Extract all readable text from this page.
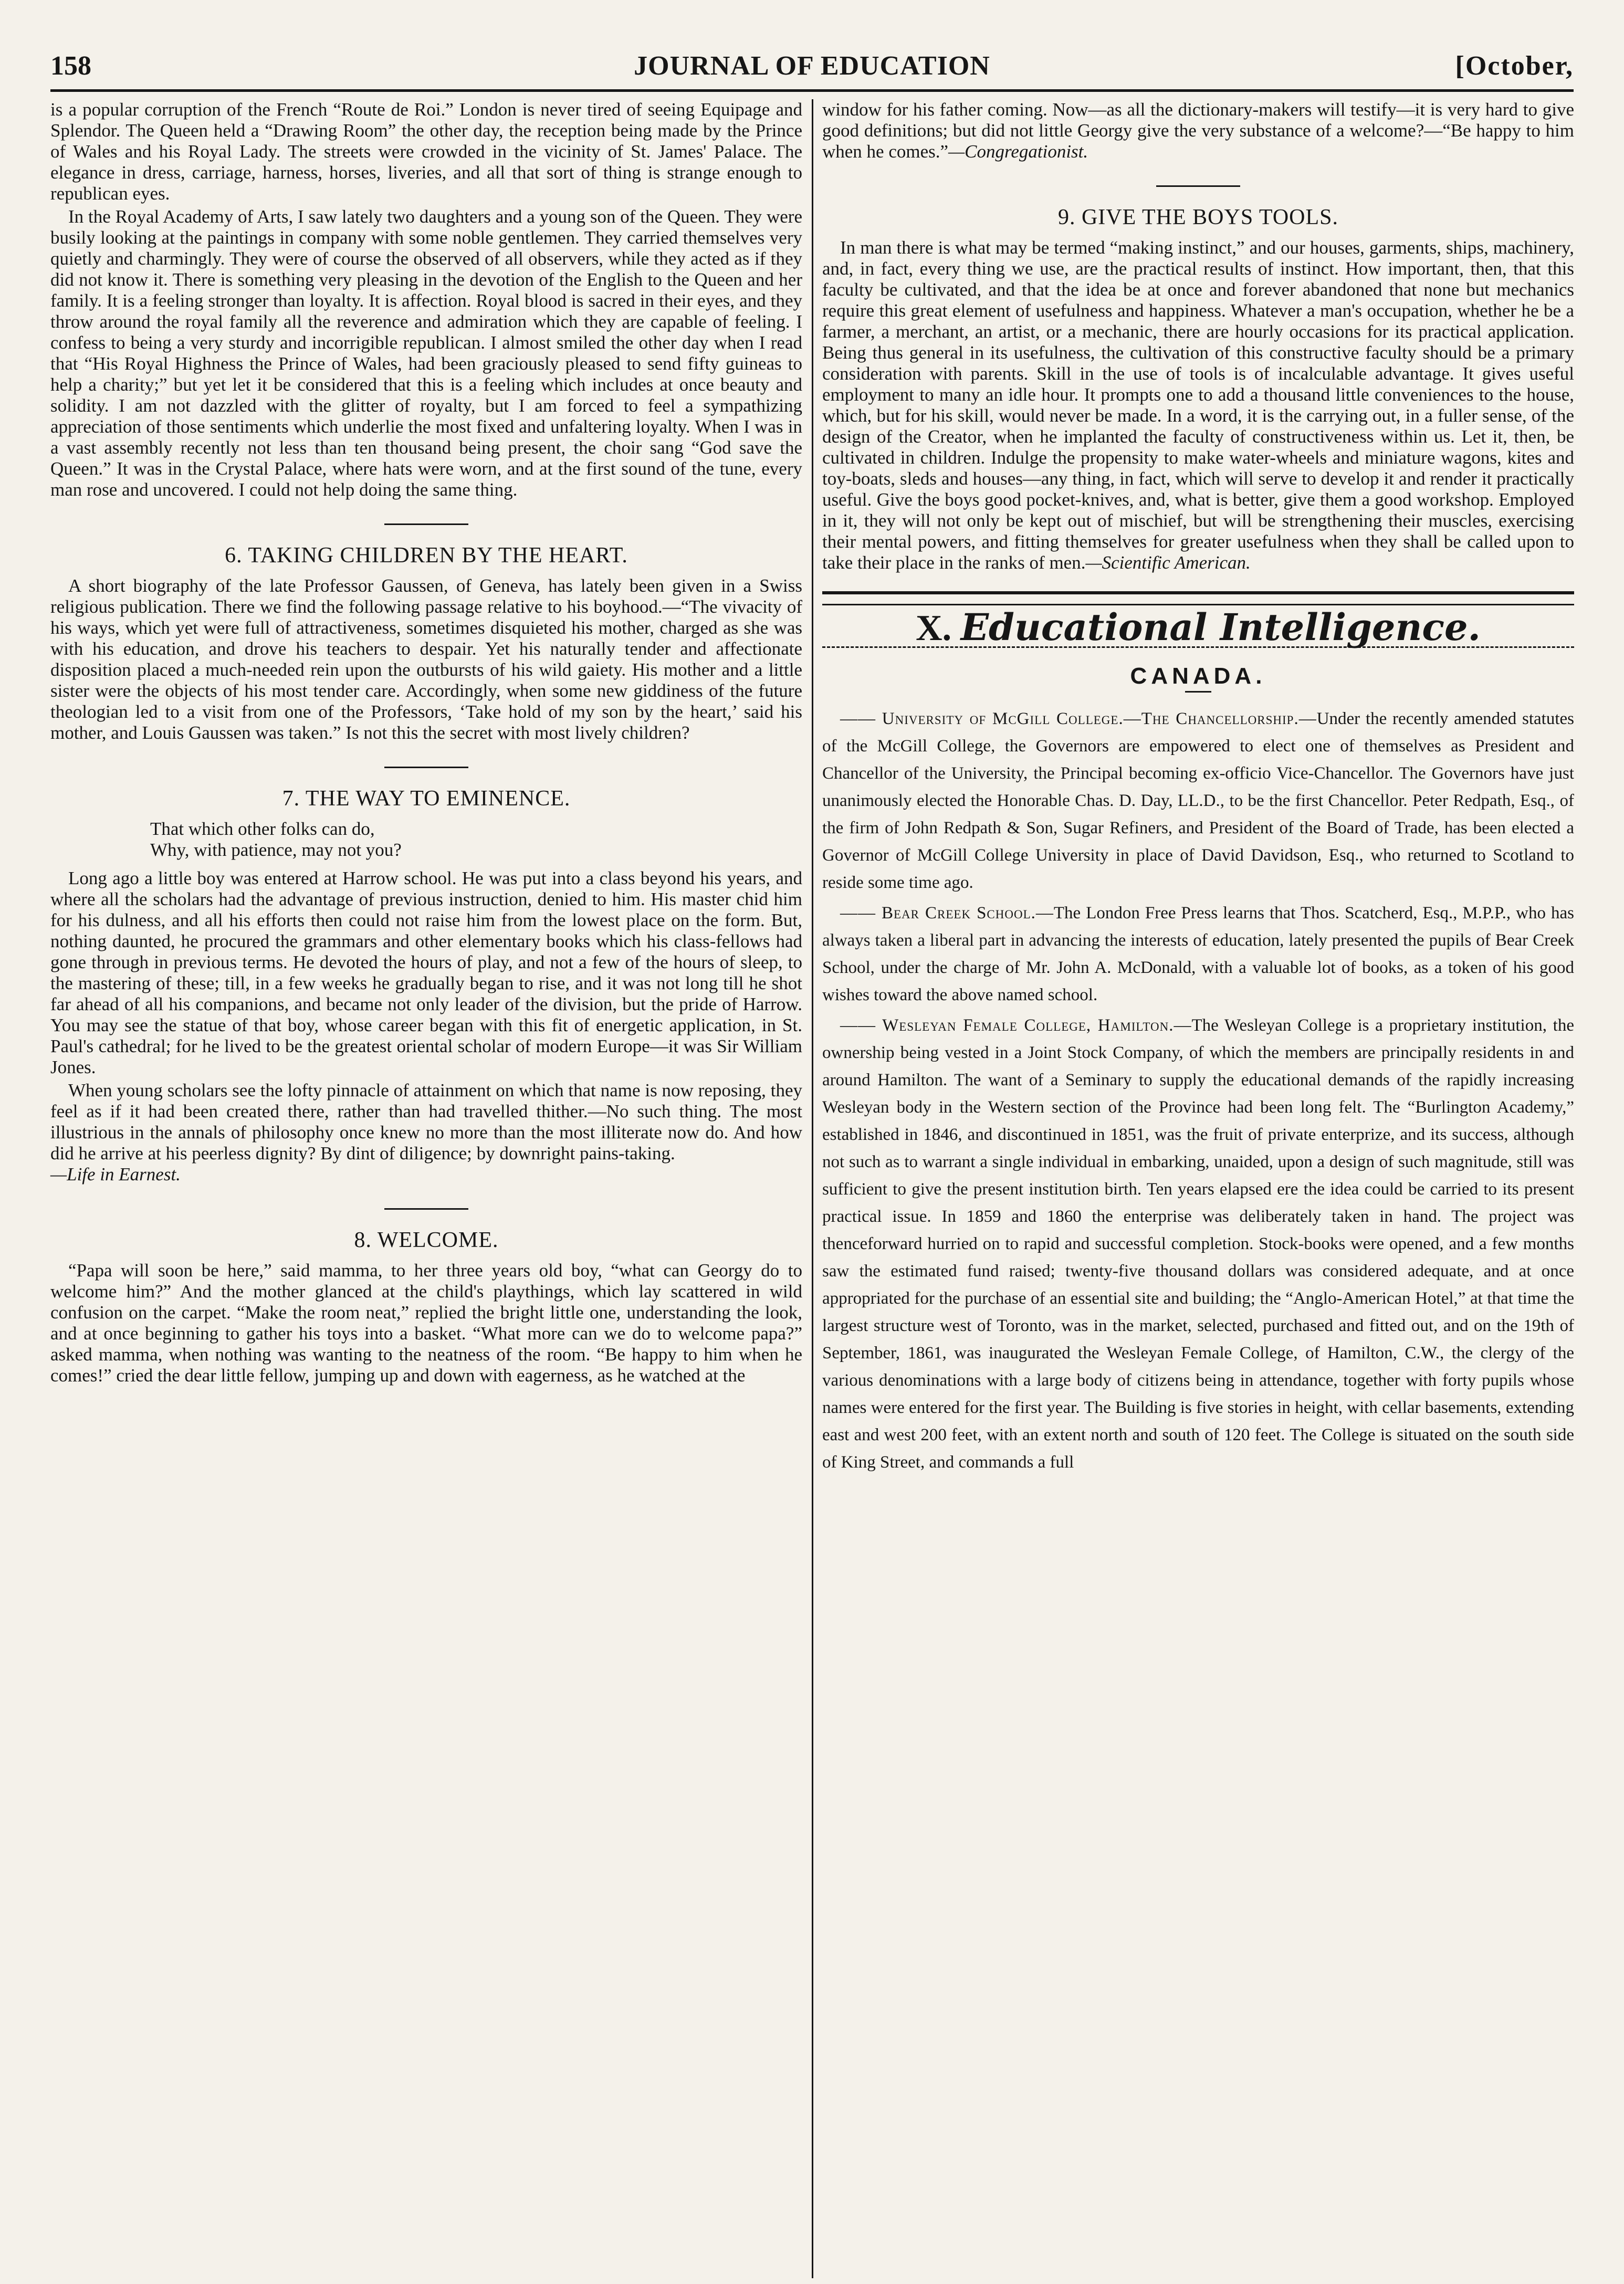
158	JOURNAL OF EDUCATION	[October,

is a popular corruption of the French “Route de Roi.” London is never tired of seeing Equipage and Splendor. The Queen held a “Drawing Room” the other day, the reception being made by the Prince of Wales and his Royal Lady. The streets were crowded in the vicinity of St. James' Palace. The elegance in dress, carriage, harness, horses, liveries, and all that sort of thing is strange enough to republican eyes.

In the Royal Academy of Arts, I saw lately two daughters and a young son of the Queen. They were busily looking at the paintings in company with some noble gentlemen. They carried themselves very quietly and charmingly. They were of course the observed of all observers, while they acted as if they did not know it. There is something very pleasing in the devotion of the English to the Queen and her family. It is a feeling stronger than loyalty. It is affection. Royal blood is sacred in their eyes, and they throw around the royal family all the reverence and admiration which they are capable of feeling. I confess to being a very sturdy and incorrigible republican. I almost smiled the other day when I read that “His Royal Highness the Prince of Wales, had been graciously pleased to send fifty guineas to help a charity;” but yet let it be considered that this is a feeling which includes at once beauty and solidity. I am not dazzled with the glitter of royalty, but I am forced to feel a sympathizing appreciation of those sentiments which underlie the most fixed and unfaltering loyalty. When I was in a vast assembly recently not less than ten thousand being present, the choir sang “God save the Queen.” It was in the Crystal Palace, where hats were worn, and at the first sound of the tune, every man rose and uncovered. I could not help doing the same thing.

6. TAKING CHILDREN BY THE HEART.

A short biography of the late Professor Gaussen, of Geneva, has lately been given in a Swiss religious publication. There we find the following passage relative to his boyhood.—“The vivacity of his ways, which yet were full of attractiveness, sometimes disquieted his mother, charged as she was with his education, and drove his teachers to despair. Yet his naturally tender and affectionate disposition placed a much-needed rein upon the outbursts of his wild gaiety. His mother and a little sister were the objects of his most tender care. Accordingly, when some new giddiness of the future theologian led to a visit from one of the Professors, ‘Take hold of my son by the heart,’ said his mother, and Louis Gaussen was taken.” Is not this the secret with most lively children?

7. THE WAY TO EMINENCE.
That which other folks can do,
Why, with patience, may not you?

Long ago a little boy was entered at Harrow school. He was put into a class beyond his years, and where all the scholars had the advantage of previous instruction, denied to him. His master chid him for his dulness, and all his efforts then could not raise him from the lowest place on the form. But, nothing daunted, he procured the grammars and other elementary books which his class-fellows had gone through in previous terms. He devoted the hours of play, and not a few of the hours of sleep, to the mastering of these; till, in a few weeks he gradually began to rise, and it was not long till he shot far ahead of all his companions, and became not only leader of the division, but the pride of Harrow. You may see the statue of that boy, whose career began with this fit of energetic application, in St. Paul's cathedral; for he lived to be the greatest oriental scholar of modern Europe—it was Sir William Jones.

When young scholars see the lofty pinnacle of attainment on which that name is now reposing, they feel as if it had been created there, rather than had travelled thither.—No such thing. The most illustrious in the annals of philosophy once knew no more than the most illiterate now do. And how did he arrive at his peerless dignity? By dint of diligence; by downright pains-taking.
—Life in Earnest.

8. WELCOME.

“Papa will soon be here,” said mamma, to her three years old boy, “what can Georgy do to welcome him?” And the mother glanced at the child's playthings, which lay scattered in wild confusion on the carpet. “Make the room neat,” replied the bright little one, understanding the look, and at once beginning to gather his toys into a basket. “What more can we do to welcome papa?” asked mamma, when nothing was wanting to the neatness of the room. “Be happy to him when he comes!” cried the dear little fellow, jumping up and down with eagerness, as he watched at the

window for his father coming. Now—as all the dictionary-makers will testify—it is very hard to give good definitions; but did not little Georgy give the very substance of a welcome?—“Be happy to him when he comes.”—Congregationist.

9. GIVE THE BOYS TOOLS.

In man there is what may be termed “making instinct,” and our houses, garments, ships, machinery, and, in fact, every thing we use, are the practical results of instinct. How important, then, that this faculty be cultivated, and that the idea be at once and forever abandoned that none but mechanics require this great element of usefulness and happiness. Whatever a man's occupation, whether he be a farmer, a merchant, an artist, or a mechanic, there are hourly occasions for its practical application. Being thus general in its usefulness, the cultivation of this constructive faculty should be a primary consideration with parents. Skill in the use of tools is of incalculable advantage. It gives useful employment to many an idle hour. It prompts one to add a thousand little conveniences to the house, which, but for his skill, would never be made. In a word, it is the carrying out, in a fuller sense, of the design of the Creator, when he implanted the faculty of constructiveness within us. Let it, then, be cultivated in children. Indulge the propensity to make water-wheels and miniature wagons, kites and toy-boats, sleds and houses—any thing, in fact, which will serve to develop it and render it practically useful. Give the boys good pocket-knives, and, what is better, give them a good workshop. Employed in it, they will not only be kept out of mischief, but will be strengthening their muscles, exercising their mental powers, and fitting themselves for greater usefulness when they shall be called upon to take their place in the ranks of men.—Scientific American.

X. Educational Intelligence.
CANADA.

—— University of McGill College.—The Chancellorship.—Under the recently amended statutes of the McGill College, the Governors are empowered to elect one of themselves as President and Chancellor of the University, the Principal becoming ex-officio Vice-Chancellor. The Governors have just unanimously elected the Honorable Chas. D. Day, LL.D., to be the first Chancellor. Peter Redpath, Esq., of the firm of John Redpath & Son, Sugar Refiners, and President of the Board of Trade, has been elected a Governor of McGill College University in place of David Davidson, Esq., who returned to Scotland to reside some time ago.

—— Bear Creek School.—The London Free Press learns that Thos. Scatcherd, Esq., M.P.P., who has always taken a liberal part in advancing the interests of education, lately presented the pupils of Bear Creek School, under the charge of Mr. John A. McDonald, with a valuable lot of books, as a token of his good wishes toward the above named school.

—— Wesleyan Female College, Hamilton.—The Wesleyan College is a proprietary institution, the ownership being vested in a Joint Stock Company, of which the members are principally residents in and around Hamilton. The want of a Seminary to supply the educational demands of the rapidly increasing Wesleyan body in the Western section of the Province had been long felt. The “Burlington Academy,” established in 1846, and discontinued in 1851, was the fruit of private enterprize, and its success, although not such as to warrant a single individual in embarking, unaided, upon a design of such magnitude, still was sufficient to give the present institution birth. Ten years elapsed ere the idea could be carried to its present practical issue. In 1859 and 1860 the enterprise was deliberately taken in hand. The project was thenceforward hurried on to rapid and successful completion. Stock-books were opened, and a few months saw the estimated fund raised; twenty-five thousand dollars was considered adequate, and at once appropriated for the purchase of an essential site and building; the “Anglo-American Hotel,” at that time the largest structure west of Toronto, was in the market, selected, purchased and fitted out, and on the 19th of September, 1861, was inaugurated the Wesleyan Female College, of Hamilton, C.W., the clergy of the various denominations with a large body of citizens being in attendance, together with forty pupils whose names were entered for the first year. The Building is five stories in height, with cellar basements, extending east and west 200 feet, with an extent north and south of 120 feet. The College is situated on the south side of King Street, and commands a full
